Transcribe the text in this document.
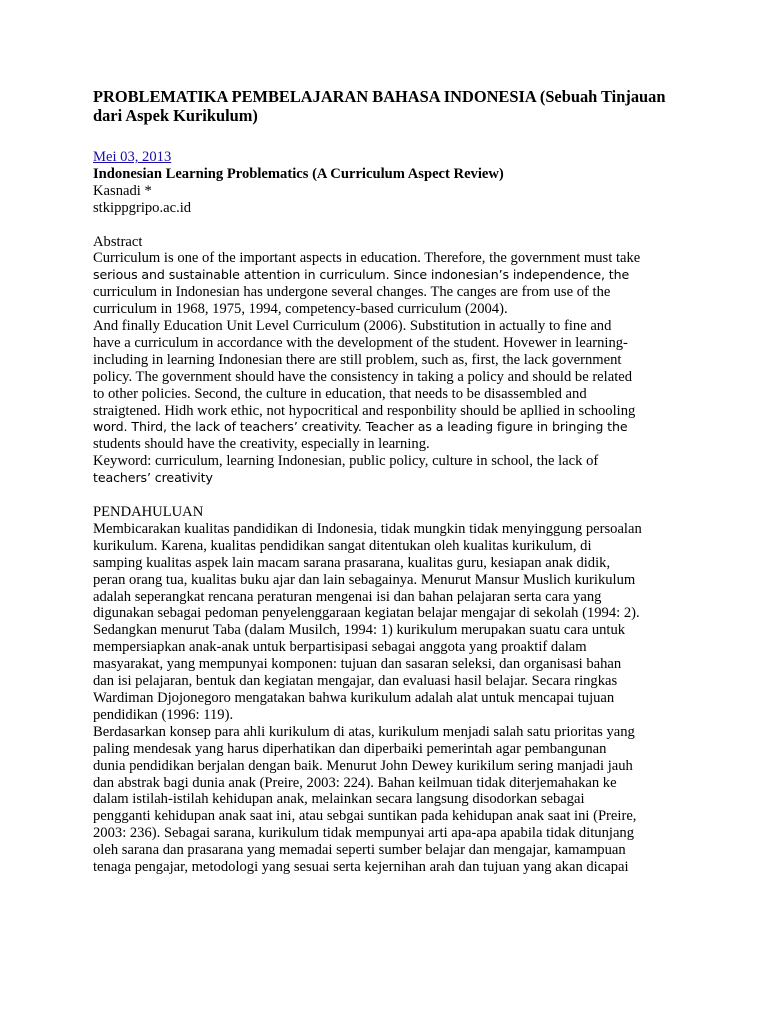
PROBLEMATIKA PEMBELAJARAN BAHASA INDONESIA (Sebuah Tinjauan dari Aspek Kurikulum)
Mei 03, 2013
Indonesian Learning Problematics (A Curriculum Aspect Review)
Kasnadi *
stkippgripo.ac.id
Abstract
Curriculum is one of the important aspects in education. Therefore, the government must take
serious and sustainable attention in curriculum. Since indonesian’s independence, the
curriculum in Indonesian has undergone several changes. The canges are from use of the
curriculum in 1968, 1975, 1994, competency-based curriculum (2004).
And finally Education Unit Level Curriculum (2006). Substitution in actually to fine and
have a curriculum in accordance with the development of the student. Hovewer in learning-
including in learning Indonesian there are still problem, such as, first, the lack government
policy. The government should have the consistency in taking a policy and should be related
to other policies. Second, the culture in education, that needs to be disassembled and
straigtened. Hidh work ethic, not hypocritical and responbility should be apllied in schooling
word. Third, the lack of teachers’ creativity. Teacher as a leading figure in bringing the
students should have the creativity, especially in learning.
Keyword: curriculum, learning Indonesian, public policy, culture in school, the lack of
teachers’ creativity
PENDAHULUAN
Membicarakan kualitas pandidikan di Indonesia, tidak mungkin tidak menyinggung persoalan
kurikulum. Karena, kualitas pendidikan sangat ditentukan oleh kualitas kurikulum, di
samping kualitas aspek lain macam sarana prasarana, kualitas guru, kesiapan anak didik,
peran orang tua, kualitas buku ajar dan lain sebagainya. Menurut Mansur Muslich kurikulum
adalah seperangkat rencana peraturan mengenai isi dan bahan pelajaran serta cara yang
digunakan sebagai pedoman penyelenggaraan kegiatan belajar mengajar di sekolah (1994: 2).
Sedangkan menurut Taba (dalam Musilch, 1994: 1) kurikulum merupakan suatu cara untuk
mempersiapkan anak-anak untuk berpartisipasi sebagai anggota yang proaktif dalam
masyarakat, yang mempunyai komponen: tujuan dan sasaran seleksi, dan organisasi bahan
dan isi pelajaran, bentuk dan kegiatan mengajar, dan evaluasi hasil belajar. Secara ringkas
Wardiman Djojonegoro mengatakan bahwa kurikulum adalah alat untuk mencapai tujuan
pendidikan (1996: 119).
Berdasarkan konsep para ahli kurikulum di atas, kurikulum menjadi salah satu prioritas yang
paling mendesak yang harus diperhatikan dan diperbaiki pemerintah agar pembangunan
dunia pendidikan berjalan dengan baik. Menurut John Dewey kurikilum sering manjadi jauh
dan abstrak bagi dunia anak (Preire, 2003: 224). Bahan keilmuan tidak diterjemahakan ke
dalam istilah-istilah kehidupan anak, melainkan secara langsung disodorkan sebagai
pengganti kehidupan anak saat ini, atau sebgai suntikan pada kehidupan anak saat ini (Preire,
2003: 236). Sebagai sarana, kurikulum tidak mempunyai arti apa-apa apabila tidak ditunjang
oleh sarana dan prasarana yang memadai seperti sumber belajar dan mengajar, kamampuan
tenaga pengajar, metodologi yang sesuai serta kejernihan arah dan tujuan yang akan dicapai
